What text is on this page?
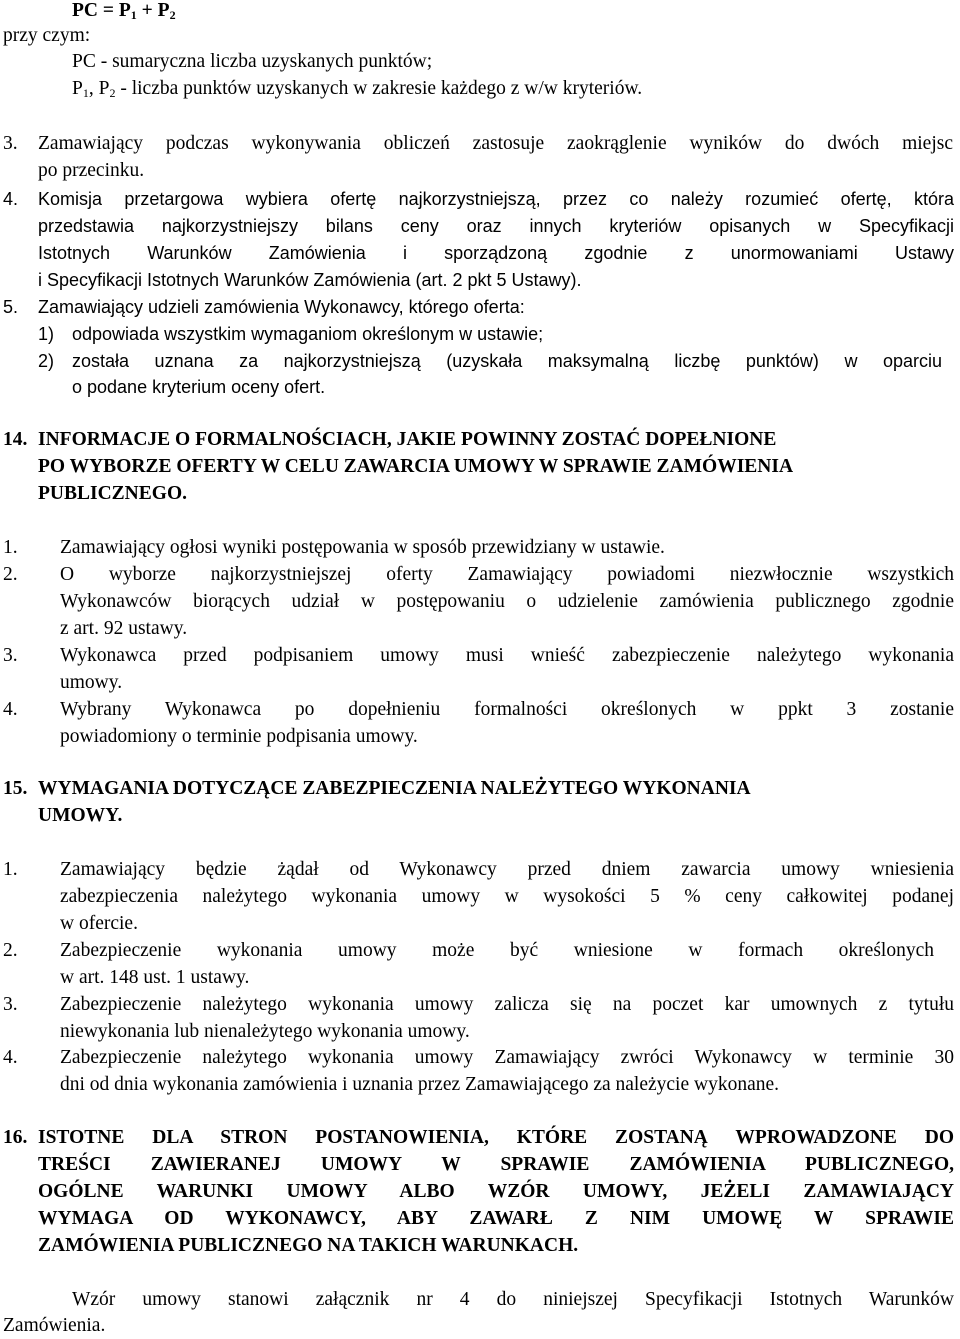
PC = $P_1 + P_2$
przy czym:
PC - sumaryczna liczba uzyskanych punktów;
$P_1$, $P_2$ - liczba punktów uzyskanych w zakresie każdego z w/w kryteriów.
3. Zamawiający podczas wykonywania obliczeń zastosuje zaokrąglenie wyników do dwóch miejsc
po przecinku.
4. Komisja przetargowa wybiera ofertę najkorzystniejszą, przez co należy rozumieć ofertę, która
przedstawia najkorzystniejszy bilans ceny oraz innych kryteriów opisanych w Specyfikacji
Istotnych Warunków Zamówienia i sporządzoną zgodnie z unormowaniami Ustawy
i Specyfikacji Istotnych Warunków Zamówienia (art. 2 pkt 5 Ustawy).
5. Zamawiający udzieli zamówienia Wykonawcy, którego oferta:
1) odpowiada wszystkim wymaganiom określonym w ustawie;
2) została uznana za najkorzystniejszą (uzyskała maksymalną liczbę punktów) w oparciu
o podane kryterium oceny ofert.
14. INFORMACJE O FORMALNOŚCIACH, JAKIE POWINNY ZOSTAĆ DOPEŁNIONE
PO WYBORZE OFERTY W CELU ZAWARCIA UMOWY W SPRAWIE ZAMÓWIENIA
PUBLICZNEGO.
1. Zamawiający ogłosi wyniki postępowania w sposób przewidziany w ustawie.
2. O wyborze najkorzystniejszej oferty Zamawiający powiadomi niezwłocznie wszystkich
Wykonawców biorących udział w postępowaniu o udzielenie zamówienia publicznego zgodnie
z art. 92 ustawy.
3. Wykonawca przed podpisaniem umowy musi wnieść zabezpieczenie należytego wykonania
umowy.
4. Wybrany Wykonawca po dopełnieniu formalności określonych w ppkt 3 zostanie
powiadomiony o terminie podpisania umowy.
15. WYMAGANIA DOTYCZĄCE ZABEZPIECZENIA NALEŻYTEGO WYKONANIA
UMOWY.
1. Zamawiający będzie żądał od Wykonawcy przed dniem zawarcia umowy wniesienia
zabezpieczenia należytego wykonania umowy w wysokości 5 % ceny całkowitej podanej
w ofercie.
2. Zabezpieczenie wykonania umowy może być wniesione w formach określonych
w art. 148 ust. 1 ustawy.
3. Zabezpieczenie należytego wykonania umowy zalicza się na poczet kar umownych z tytułu
niewykonania lub nienależytego wykonania umowy.
4. Zabezpieczenie należytego wykonania umowy Zamawiający zwróci Wykonawcy w terminie 30
dni od dnia wykonania zamówienia i uznania przez Zamawiającego za należycie wykonane.
16. ISTOTNE DLA STRON POSTANOWIENIA, KTÓRE ZOSTANĄ WPROWADZONE DO
TREŚCI ZAWIERANEJ UMOWY W SPRAWIE ZAMÓWIENIA PUBLICZNEGO,
OGÓLNE WARUNKI UMOWY ALBO WZÓR UMOWY, JEŻELI ZAMAWIAJĄCY
WYMAGA OD WYKONAWCY, ABY ZAWARŁ Z NIM UMOWĘ W SPRAWIE
ZAMÓWIENIA PUBLICZNEGO NA TAKICH WARUNKACH.
Wzór umowy stanowi załącznik nr 4 do niniejszej Specyfikacji Istotnych Warunków
Zamówienia.
